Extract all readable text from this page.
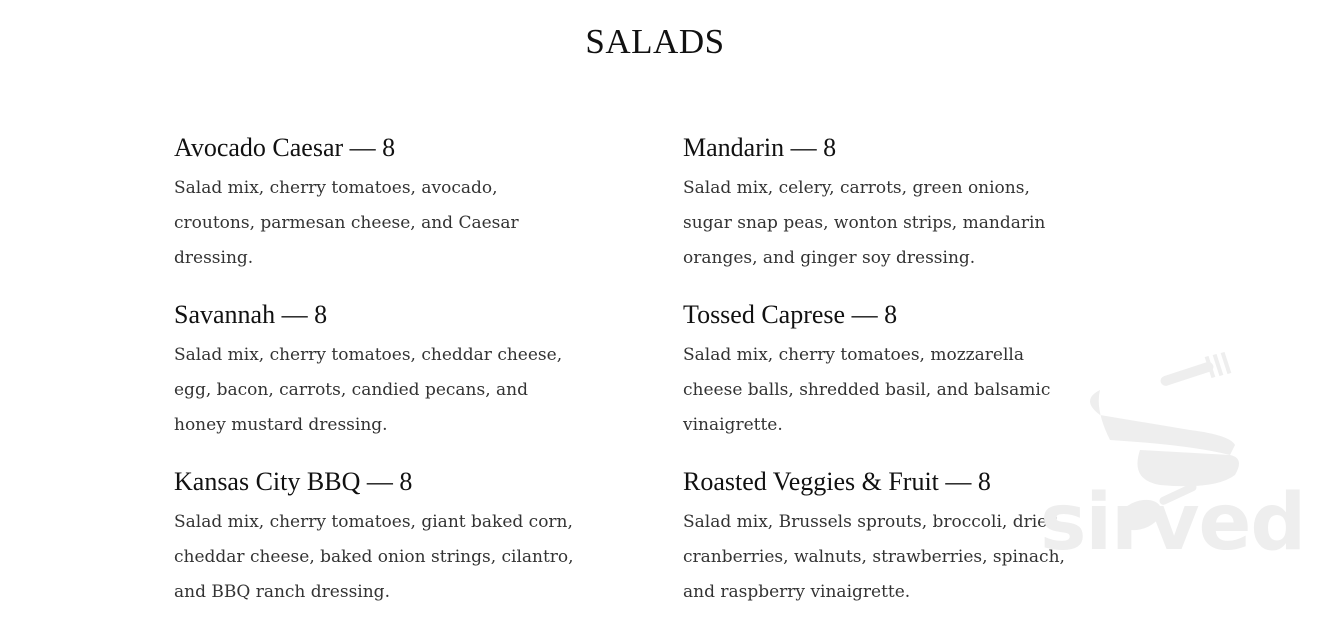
SALADS
Avocado Caesar — 8
Salad mix, cherry tomatoes, avocado, croutons, parmesan cheese, and Caesar dressing.
Savannah — 8
Salad mix, cherry tomatoes, cheddar cheese, egg, bacon, carrots, candied pecans, and honey mustard dressing.
Kansas City BBQ — 8
Salad mix, cherry tomatoes, giant baked corn, cheddar cheese, baked onion strings, cilantro, and BBQ ranch dressing.
Mandarin — 8
Salad mix, celery, carrots, green onions, sugar snap peas, wonton strips, mandarin oranges, and ginger soy dressing.
Tossed Caprese — 8
Salad mix, cherry tomatoes, mozzarella cheese balls, shredded basil, and balsamic vinaigrette.
Roasted Veggies & Fruit — 8
Salad mix, Brussels sprouts, broccoli, dried cranberries, walnuts, strawberries, spinach, and raspberry vinaigrette.
sirved
